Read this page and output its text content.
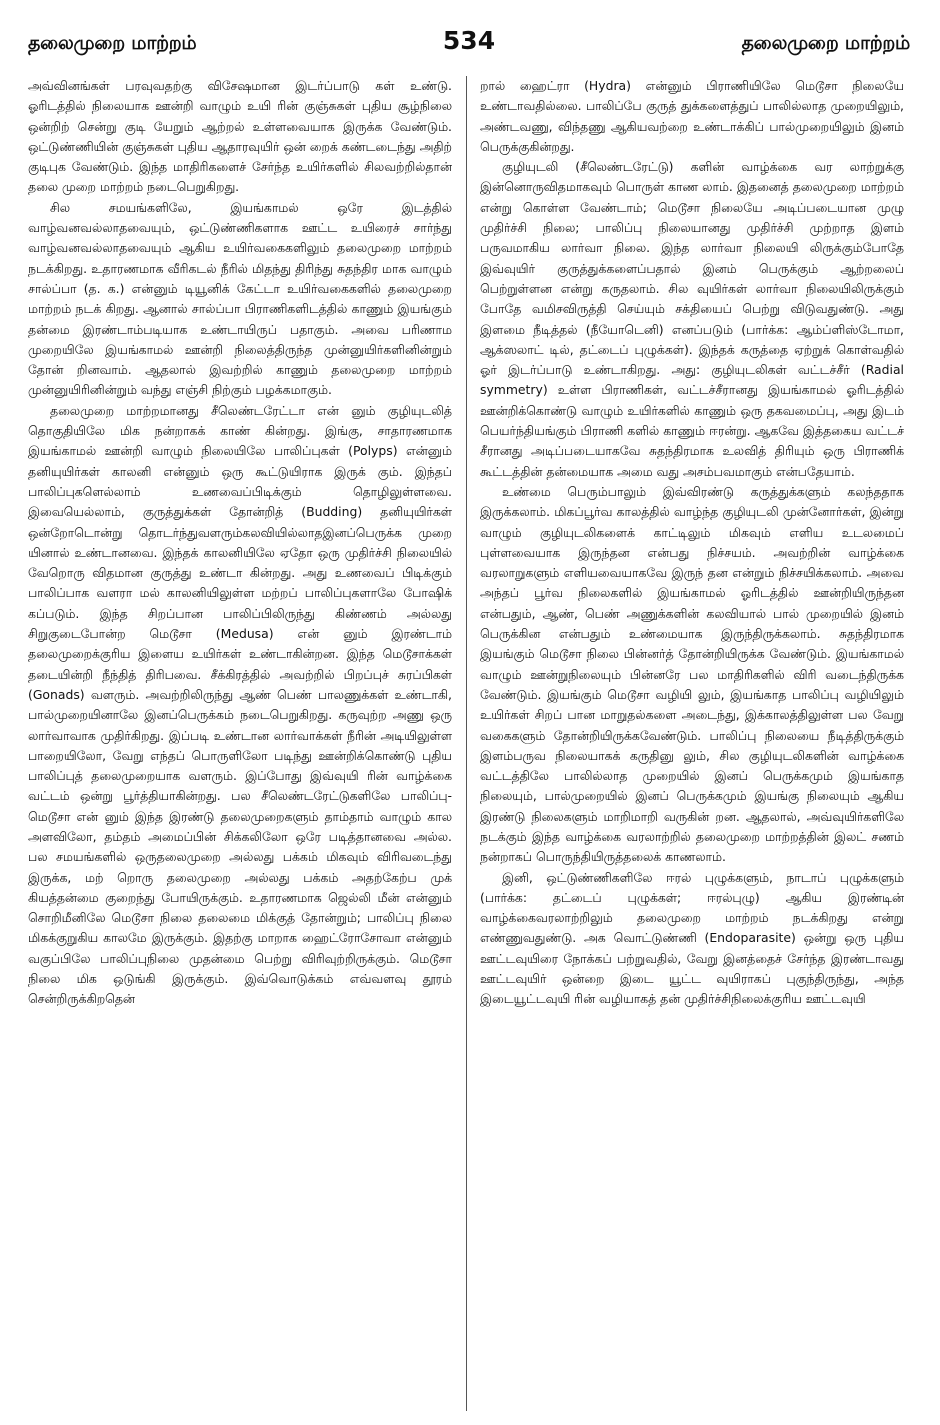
தலைமுறை மாற்றம்	534	தலைமுறை மாற்றம்

அவ்வினங்கள் பரவுவதற்கு விசேஷமான இடர்ப்பாடு கள் உண்டு. ஓரிடத்தில் நிலையாக ஊன்றி வாழும் உயி ரின் குஞ்சுகள் புதிய சூழ்நிலை ஒன்றிற் சென்று குடி யேறும் ஆற்றல் உள்ளவையாக இருக்க வேண்டும். ஒட்டுண்ணியின் குஞ்சுகள் புதிய ஆதாரவுயிர் ஒன் றைக் கண்டடைந்து அதிற் குடிபுக வேண்டும். இந்த மாதிரிகளைச் சேர்ந்த உயிர்களில் சிலவற்றில்தான் தலை முறை மாற்றம் நடைபெறுகிறது.

சில சமயங்களிலே, இயங்காமல் ஒரே இடத்தில் வாழ்வனவல்லாதவையும், ஒட்டுண்ணிகளாக ஊட்ட உயிரைச் சார்ந்து வாழ்வனவல்லாதவையும் ஆகிய உயிர்வகைகளிலும் தலைமுறை மாற்றம் நடக்கிறது. உதாரணமாக வீரிகடல் நீரில் மிதந்து திரிந்து சுதந்திர மாக வாழும் சால்ப்பா (த. க.) என்னும் டியூனிக் கேட்டா உயிர்வகைகளில் தலைமுறை மாற்றம் நடக் கிறது. ஆனால் சால்ப்பா பிராணிகளிடத்தில் காணும் இயங்கும் தன்மை இரண்டாம்படியாக உண்டாயிருப் பதாகும். அவை பரிணாம முறையிலே இயங்காமல் ஊன்றி நிலைத்திருந்த முன்னுயிர்களினின்றும் தோன் றினவாம். ஆதலால் இவற்றில் காணும் தலைமுறை மாற்றம் முன்னுயிரினின்றும் வந்து எஞ்சி நிற்கும் பழக்கமாகும்.

தலைமுறை மாற்றமானது சீலெண்டரேட்டா என் னும் குழியுடலித் தொகுதியிலே மிக நன்றாகக் காண் கின்றது. இங்கு, சாதாரணமாக இயங்காமல் ஊன்றி வாழும் நிலையிலே பாலிப்புகள் (Polyps) என்னும் தனியுயிர்கள் காலனி என்னும் ஒரு கூட்டுயிராக இருக் கும். இந்தப் பாலிப்புகளெல்லாம் உணவைப்பிடிக்கும் தொழிலுள்ளவை. இவையெல்லாம், குருத்துக்கள் தோன்றித் (Budding) தனியுயிர்கள் ஒன்றோடொன்று தொடர்ந்துவளரும்கலவியில்லாதஇனப்பெருக்க முறை யினால் உண்டானவை. இந்தக் காலனியிலே ஏதோ ஒரு முதிர்ச்சி நிலையில் வேறொரு விதமான குருத்து உண்டா கின்றது. அது உணவைப் பிடிக்கும் பாலிப்பாக வளரா மல் காலனியிலுள்ள மற்றப் பாலிப்புகளாலே போஷிக் கப்படும். இந்த சிறப்பான பாலிப்பிலிருந்து கிண்ணம் அல்லது சிறுகுடைபோன்ற மெடூசா (Medusa) என் னும் இரண்டாம் தலைமுறைக்குரிய இளைய உயிர்கள் உண்டாகின்றன. இந்த மெடூசாக்கள் தடையின்றி நீந்தித் திரிபவை. சீக்கிரத்தில் அவற்றில் பிறப்புச் சுரப்பிகள் (Gonads) வளரும். அவற்றிலிருந்து ஆண் பெண் பாலணுக்கள் உண்டாகி, பால்முறையினாலே இனப்பெருக்கம் நடைபெறுகிறது. கருவுற்ற அணு ஒரு லார்வாவாக முதிர்கிறது. இப்படி உண்டான லார்வாக்கள் நீரின் அடியிலுள்ள பாறையிலோ, வேறு எந்தப் பொருளிலோ படிந்து ஊன்றிக்கொண்டு புதிய பாலிப்புத் தலைமுறையாக வளரும். இப்போது இவ்வுயி ரின் வாழ்க்கை வட்டம் ஒன்று பூர்த்தியாகின்றது. பல சீலெண்டரேட்டுகளிலே பாலிப்பு-மெடூசா என் னும் இந்த இரண்டு தலைமுறைகளும் தாம்தாம் வாழும் கால அளவிலோ, தம்தம் அமைப்பின் சிக்கலிலோ ஒரே படித்தானவை அல்ல. பல சமயங்களில் ஒருதலைமுறை அல்லது பக்கம் மிகவும் விரிவடைந்து இருக்க, மற் றொரு தலைமுறை அல்லது பக்கம் அதற்கேற்ப முக் கியத்தன்மை குறைந்து போயிருக்கும். உதாரணமாக ஜெல்லி மீன் என்னும் சொறிமீனிலே மெடூசா நிலை தலைமை மிக்குத் தோன்றும்; பாலிப்பு நிலை மிகக்குறுகிய காலமே இருக்கும். இதற்கு மாறாக ஹைட்ரோசோவா என்னும் வகுப்பிலே பாலிப்புநிலை முதன்மை பெற்று விரிவுற்றிருக்கும். மெடூசா நிலை மிக ஒடுங்கி இருக்கும். இவ்வொடுக்கம் எவ்வளவு தூரம் சென்றிருக்கிறதென்

றால் ஹைட்ரா (Hydra) என்னும் பிராணியிலே மெடூசா நிலையே உண்டாவதில்லை. பாலிப்பே குருத் துக்களைத்துப் பாலில்லாத முறையிலும், அண்டவணு, விந்தணு ஆகியவற்றை உண்டாக்கிப் பால்முறையிலும் இனம் பெருக்குகின்றது.

குழியுடலி (சீலெண்டரேட்டு) களின் வாழ்க்கை வர லாற்றுக்கு இன்னொருவிதமாகவும் பொருள் காண லாம். இதனைத் தலைமுறை மாற்றம் என்று கொள்ள வேண்டாம்; மெடூசா நிலையே அடிப்படையான முழு முதிர்ச்சி நிலை; பாலிப்பு நிலையானது முதிர்ச்சி முற்றாத இளம் பருவமாகிய லார்வா நிலை. இந்த லார்வா நிலையி லிருக்கும்போதே இவ்வுயிர் குருத்துக்களைப்பதால் இனம் பெருக்கும் ஆற்றலைப் பெற்றுள்ளன என்று கருதலாம். சில வுயிர்கள் லார்வா நிலையிலிருக்கும் போதே வமிசவிருத்தி செய்யும் சக்தியைப் பெற்று விடுவதுண்டு. அது இளமை நீடித்தல் (நீயோடெனி) எனப்படும் (பார்க்க: ஆம்ப்ளிஸ்டோமா, ஆக்ஸலாட் டில், தட்டைப் புழுக்கள்). இந்தக் கருத்தை ஏற்றுக் கொள்வதில் ஓர் இடர்ப்பாடு உண்டாகிறது. அது: குழியுடலிகள் வட்டச்சீர் (Radial symmetry) உள்ள பிராணிகள், வட்டச்சீரானது இயங்காமல் ஓரிடத்தில் ஊன்றிக்கொண்டு வாழும் உயிர்களில் காணும் ஒரு தகவமைப்பு, அது இடம் பெயர்ந்தியங்கும் பிராணி களில் காணும் ஈரன்று. ஆகவே இத்தகைய வட்டச் சீரானது அடிப்படையாகவே சுதந்திரமாக உலவித் திரியும் ஒரு பிராணிக் கூட்டத்தின் தன்மையாக அமை வது அசம்பவமாகும் என்பதேயாம்.

உண்மை பெரும்பாலும் இவ்விரண்டு கருத்துக்களும் கலந்ததாக இருக்கலாம். மிகப்பூர்வ காலத்தில் வாழ்ந்த குழியுடலி முன்னோர்கள், இன்று வாழும் குழியுடலிகளைக் காட்டிலும் மிகவும் எளிய உடலமைப் புள்ளவையாக இருந்தன என்பது நிச்சயம். அவற்றின் வாழ்க்கை வரலாறுகளும் எளியவையாகவே இருந் தன என்றும் நிச்சயிக்கலாம். அவை அந்தப் பூர்வ நிலைகளில் இயங்காமல் ஓரிடத்தில் ஊன்றியிருந்தன என்பதும், ஆண், பெண் அணுக்களின் கலவியால் பால் முறையில் இனம் பெருக்கின என்பதும் உண்மையாக இருந்திருக்கலாம். சுதந்திரமாக இயங்கும் மெடூசா நிலை பின்னர்த் தோன்றியிருக்க வேண்டும். இயங்காமல் வாழும் ஊன்றுநிலையும் பின்னரே பல மாதிரிகளில் விரி வடைந்திருக்க வேண்டும். இயங்கும் மெடூசா வழியி லும், இயங்காத பாலிப்பு வழியிலும் உயிர்கள் சிறப் பான மாறுதல்களை அடைந்து, இக்காலத்திலுள்ள பல வேறு வகைகளும் தோன்றியிருக்கவேண்டும். பாலிப்பு நிலையை நீடித்திருக்கும் இளம்பருவ நிலையாகக் கருதினு லும், சில குழியுடலிகளின் வாழ்க்கை வட்டத்திலே பாலில்லாத முறையில் இனப் பெருக்கமும் இயங்காத நிலையும், பால்முறையில் இனப் பெருக்கமும் இயங்கு நிலையும் ஆகிய இரண்டு நிலைகளும் மாறிமாறி வருகின் றன. ஆதலால், அவ்வுயிர்களிலே நடக்கும் இந்த வாழ்க்கை வரலாற்றில் தலைமுறை மாற்றத்தின் இலட் சணம் நன்றாகப் பொருந்தியிருத்தலைக் காணலாம்.

இனி, ஒட்டுண்ணிகளிலே ஈரல் புழுக்களும், நாடாப் புழுக்களும் (பார்க்க: தட்டைப் புழுக்கள்; ஈரல்புழு) ஆகிய இரண்டின் வாழ்க்கைவரலாற்றிலும் தலைமுறை மாற்றம் நடக்கிறது என்று எண்ணுவதுண்டு. அக வொட்டுண்ணி (Endoparasite) ஒன்று ஒரு புதிய ஊட்டவுயிரை நோக்கப் பற்றுவதில், வேறு இனத்தைச் சேர்ந்த இரண்டாவது ஊட்டவுயிர் ஒன்றை இடை யூட்ட வுயிராகப் புகுந்திருந்து, அந்த இடையூட்டவுயி ரின் வழியாகத் தன் முதிர்ச்சிநிலைக்குரிய ஊட்டவுயி
